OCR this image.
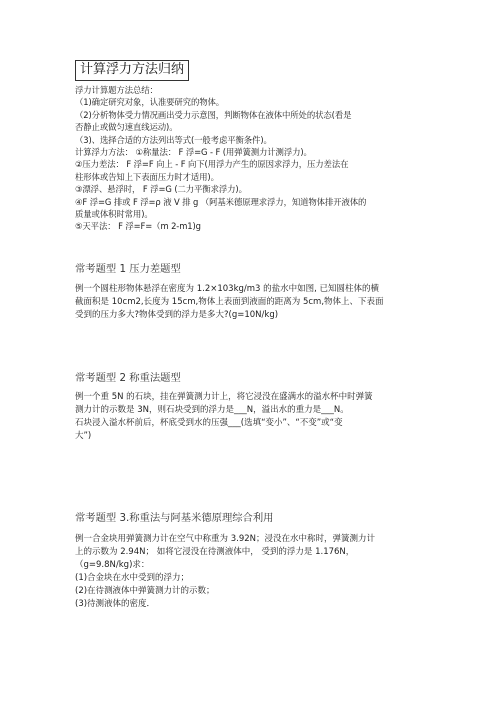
计算浮力方法归纳
浮力计算题方法总结：
（1)确定研究对象，认准要研究的物体。
（2)分析物体受力情况画出受力示意图，判断物体在液体中所处的状态(看是
否静止或做匀速直线运动)。
（3)、选择合适的方法列出等式(一般考虑平衡条件)。
计算浮力方法： ①称量法： F 浮=G - F (用弹簧测力计测浮力)。
②压力差法： F 浮=F 向上 - F 向下(用浮力产生的原因求浮力，压力差法在
柱形体或告知上下表面压力时才适用)。
③漂浮、悬浮时， F 浮=G (二力平衡求浮力)。
④F 浮=G 排或 F 浮=ρ 液 V 排 g （阿基米德原理求浮力，知道物体排开液体的
质量或体积时常用)。
⑤天平法： F 浮=F=（m 2-m1)g
常考题型 1 压力差题型
例一个圆柱形物体悬浮在密度为 1.2×103kg/m3 的盐水中如图, 已知圆柱体的横
截面积是 10cm2,长度为 15cm,物体上表面到液面的距离为 5cm,物体上、下表面
受到的压力多大?物体受到的浮力是多大?(g=10N/kg)
常考题型 2 称重法题型
例一个重 5N 的石块，挂在弹簧测力计上，将它浸没在盛满水的溢水杯中时弹簧
测力计的示数是 3N，则石块受到的浮力是___N，溢出水的重力是___N。
石块浸入溢水杯前后，杯底受到水的压强___(选填“变小”、“不变”或“变
大”)
常考题型 3.称重法与阿基米德原理综合利用
例一合金块用弹簧测力计在空气中称重为 3.92N；浸没在水中称时，弹簧测力计
上的示数为 2.94N； 如将它浸没在待测液体中， 受到的浮力是 1.176N，
（g=9.8N/kg)求：
(1)合金块在水中受到的浮力；
(2)在待测液体中弹簧测力计的示数；
(3)待测液体的密度．
